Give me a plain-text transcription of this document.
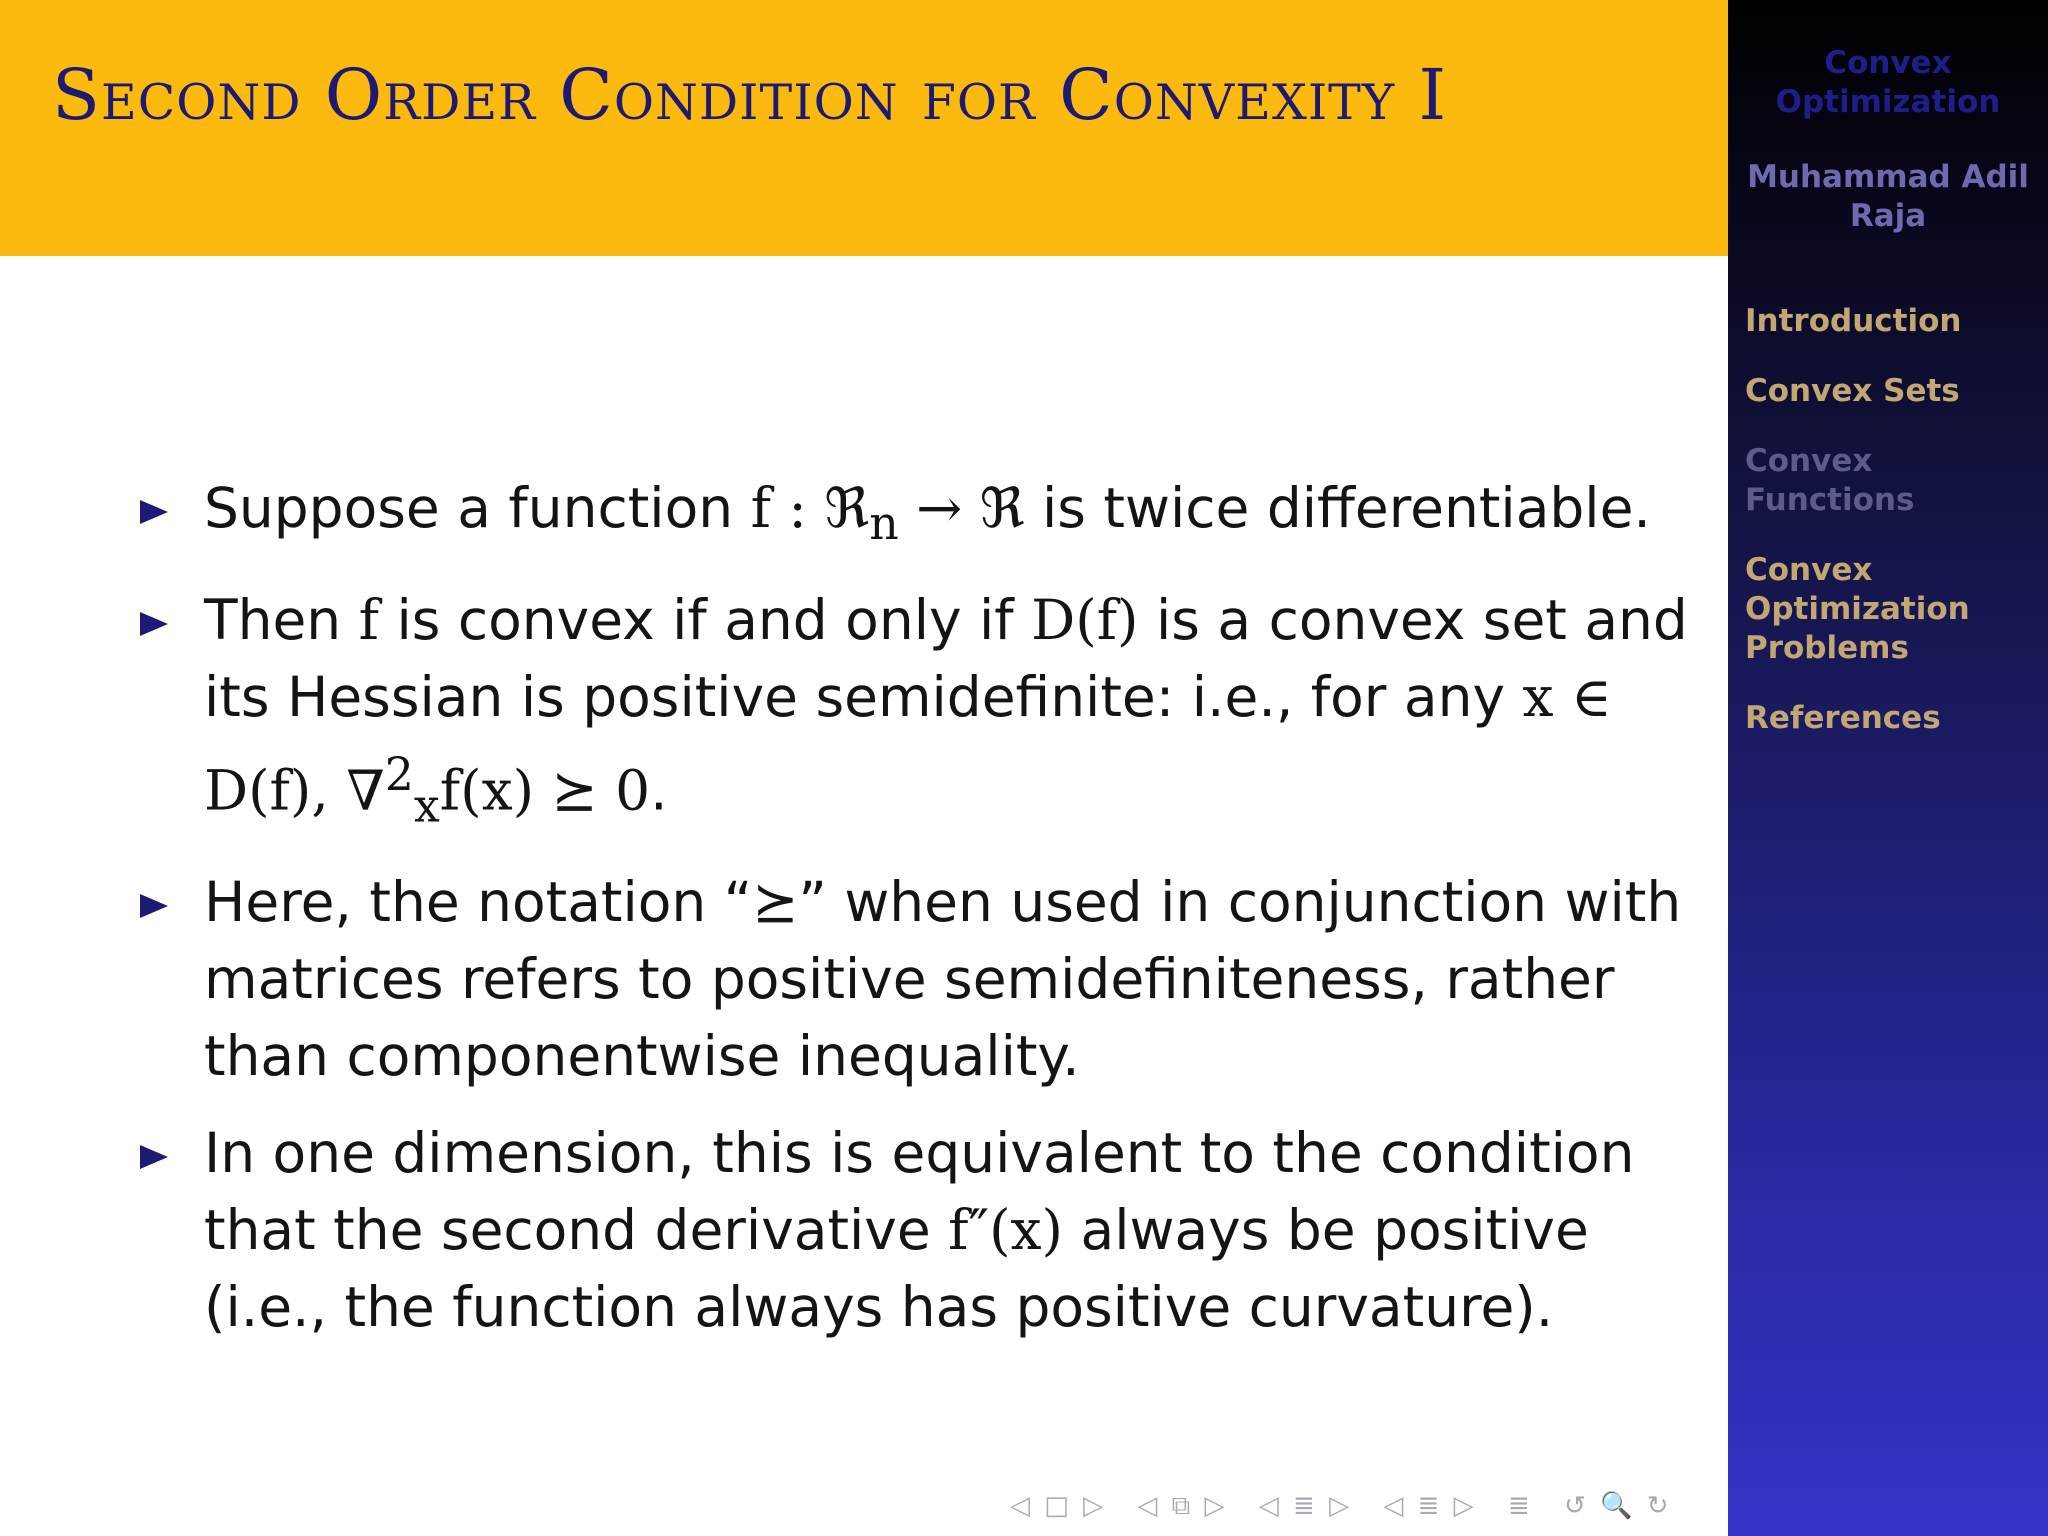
Second Order Condition for Convexity I
Suppose a function f : ℜ$_n$ → ℜ is twice differentiable.
Then f is convex if and only if D(f) is a convex set and its Hessian is positive semidefinite: i.e., for any x ∈ D(f), ∇$^2_x$f(x) ⪰ 0.
Here, the notation “⪰” when used in conjunction with matrices refers to positive semidefiniteness, rather than componentwise inequality.
In one dimension, this is equivalent to the condition that the second derivative f″(x) always be positive (i.e., the function always has positive curvature).
◁ □ ▷ ◁ ⧉ ▷ ◁ ≣ ▷ ◁ ≣ ▷ ≣ ↺ 🔍 ↻
Convex Optimization
Muhammad Adil Raja
Introduction
Convex Sets
Convex Functions
Convex Optimization Problems
References
